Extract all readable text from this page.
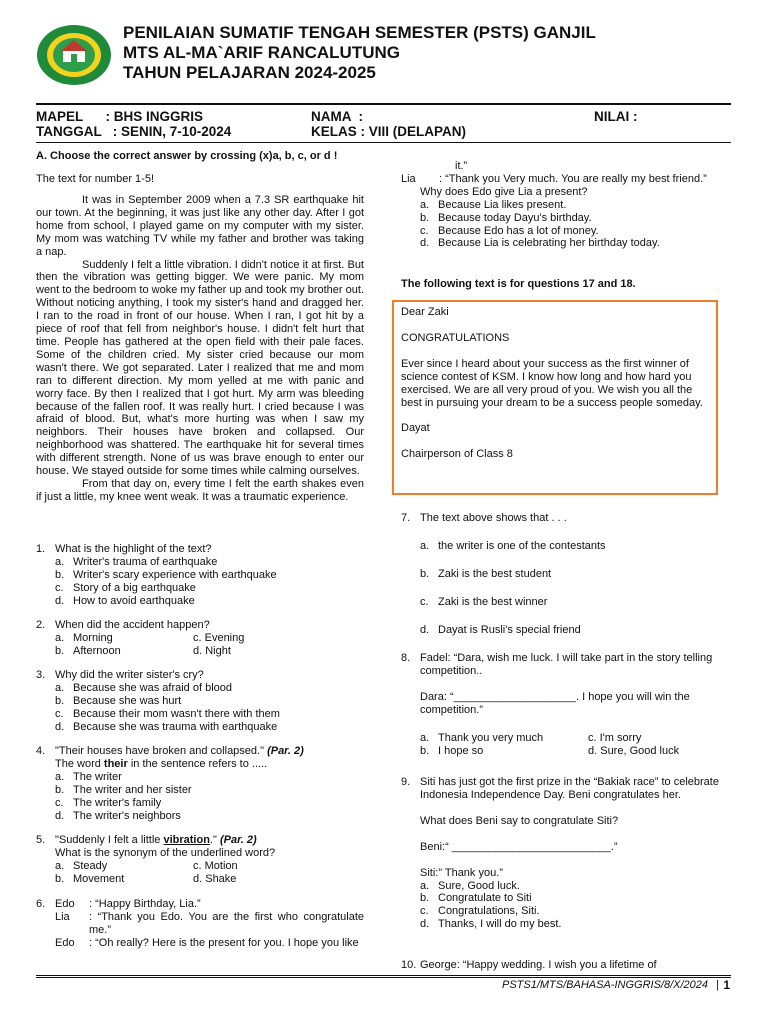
PENILAIAN SUMATIF TENGAH SEMESTER (PSTS) GANJIL
MTS AL-MA`ARIF RANCALUTUNG
TAHUN PELAJARAN 2024-2025
MAPEL      : BHS INGGRIS
TANGGAL   : SENIN, 7-10-2024
NAMA  :
KELAS : VIII (DELAPAN)
NILAI :
A. Choose the correct answer by crossing (x)a, b, c, or d !
The text for number 1-5!

It was in September 2009 when a 7.3 SR earthquake hit our town. At the beginning, it was just like any other day. After I got home from school, I played game on my computer with my sister. My mom was watching TV while my father and brother was taking a nap.

Suddenly I felt a little vibration. I didn't notice it at first. But then the vibration was getting bigger. We were panic. My mom went to the bedroom to woke my father up and took my brother out. Without noticing anything, I took my sister's hand and dragged her. I ran to the road in front of our house. When I ran, I got hit by a piece of roof that fell from neighbor's house. I didn't felt hurt that time. People has gathered at the open field with their pale faces. Some of the children cried. My sister cried because our mom wasn't there. We got separated. Later I realized that me and mom ran to different direction. My mom yelled at me with panic and worry face. By then I realized that I got hurt. My arm was bleeding because of the fallen roof. It was really hurt. I cried because I was afraid of blood. But, what's more hurting was when I saw my neighbors. Their houses have broken and collapsed. Our neighborhood was shattered. The earthquake hit for several times with different strength. None of us was brave enough to enter our house. We stayed outside for some times while calming ourselves.

From that day on, every time I felt the earth shakes even if just a little, my knee went weak. It was a traumatic experience.

1. What is the highlight of the text?
a. Writer's trauma of earthquake
b. Writer's scary experience with earthquake
c. Story of a big earthquake
d. How to avoid earthquake
2. When did the accident happen?
a. Morning	c. Evening
b. Afternoon	d. Night
3. Why did the writer sister's cry?
a. Because she was afraid of blood
b. Because she was hurt
c. Because their mom wasn't there with them
d. Because she was trauma with earthquake
4. "Their houses have broken and collapsed." (Par. 2)
The word their in the sentence refers to .....
a. The writer
b. The writer and her sister
c. The writer's family
d. The writer's neighbors
5. "Suddenly I felt a little vibration." (Par. 2)
What is the synonym of the underlined word?
a. Steady	c. Motion
b. Movement	d. Shake
6. Edo : “Happy Birthday, Lia.”
Lia : “Thank you Edo. You are the first who congratulate me.”
Edo : “Oh really? Here is the present for you. I hope you like
it.”
Lia : “Thank you Very much. You are really my best friend.”
Why does Edo give Lia a present?
a. Because Lia likes present.
b. Because today Dayu's birthday.
c. Because Edo has a lot of money.
d. Because Lia is celebrating her birthday today.
The following text is for questions 17 and 18.
Dear Zaki
CONGRATULATIONS
Ever since I heard about your success as the first winner of science contest of KSM. I know how long and how hard you exercised. We are all very proud of you. We wish you all the best in pursuing your dream to be a success people someday.
Dayat
Chairperson of Class 8
7. The text above shows that . . .
a. the writer is one of the contestants
b. Zaki is the best student
c. Zaki is the best winner
d. Dayat is Rusli's special friend
8. Fadel: “Dara, wish me luck. I will take part in the story telling competition..
Dara: “____________________. I hope you will win the competition.”
a. Thank you very much	c. I'm sorry
b. I hope so	d. Sure, Good luck
9. Siti has just got the first prize in the “Bakiak race” to celebrate Indonesia Independence Day. Beni congratulates her.
What does Beni say to congratulate Siti?
Beni:“ __________________________.”
Siti:” Thank you.”
a. Sure, Good luck.
b. Congratulate to Siti
c. Congratulations, Siti.
d. Thanks, I will do my best.
10. George: “Happy wedding. I wish you a lifetime of
PSTS1/MTS/BAHASA-INGGRIS/8/X/2024 | 1
